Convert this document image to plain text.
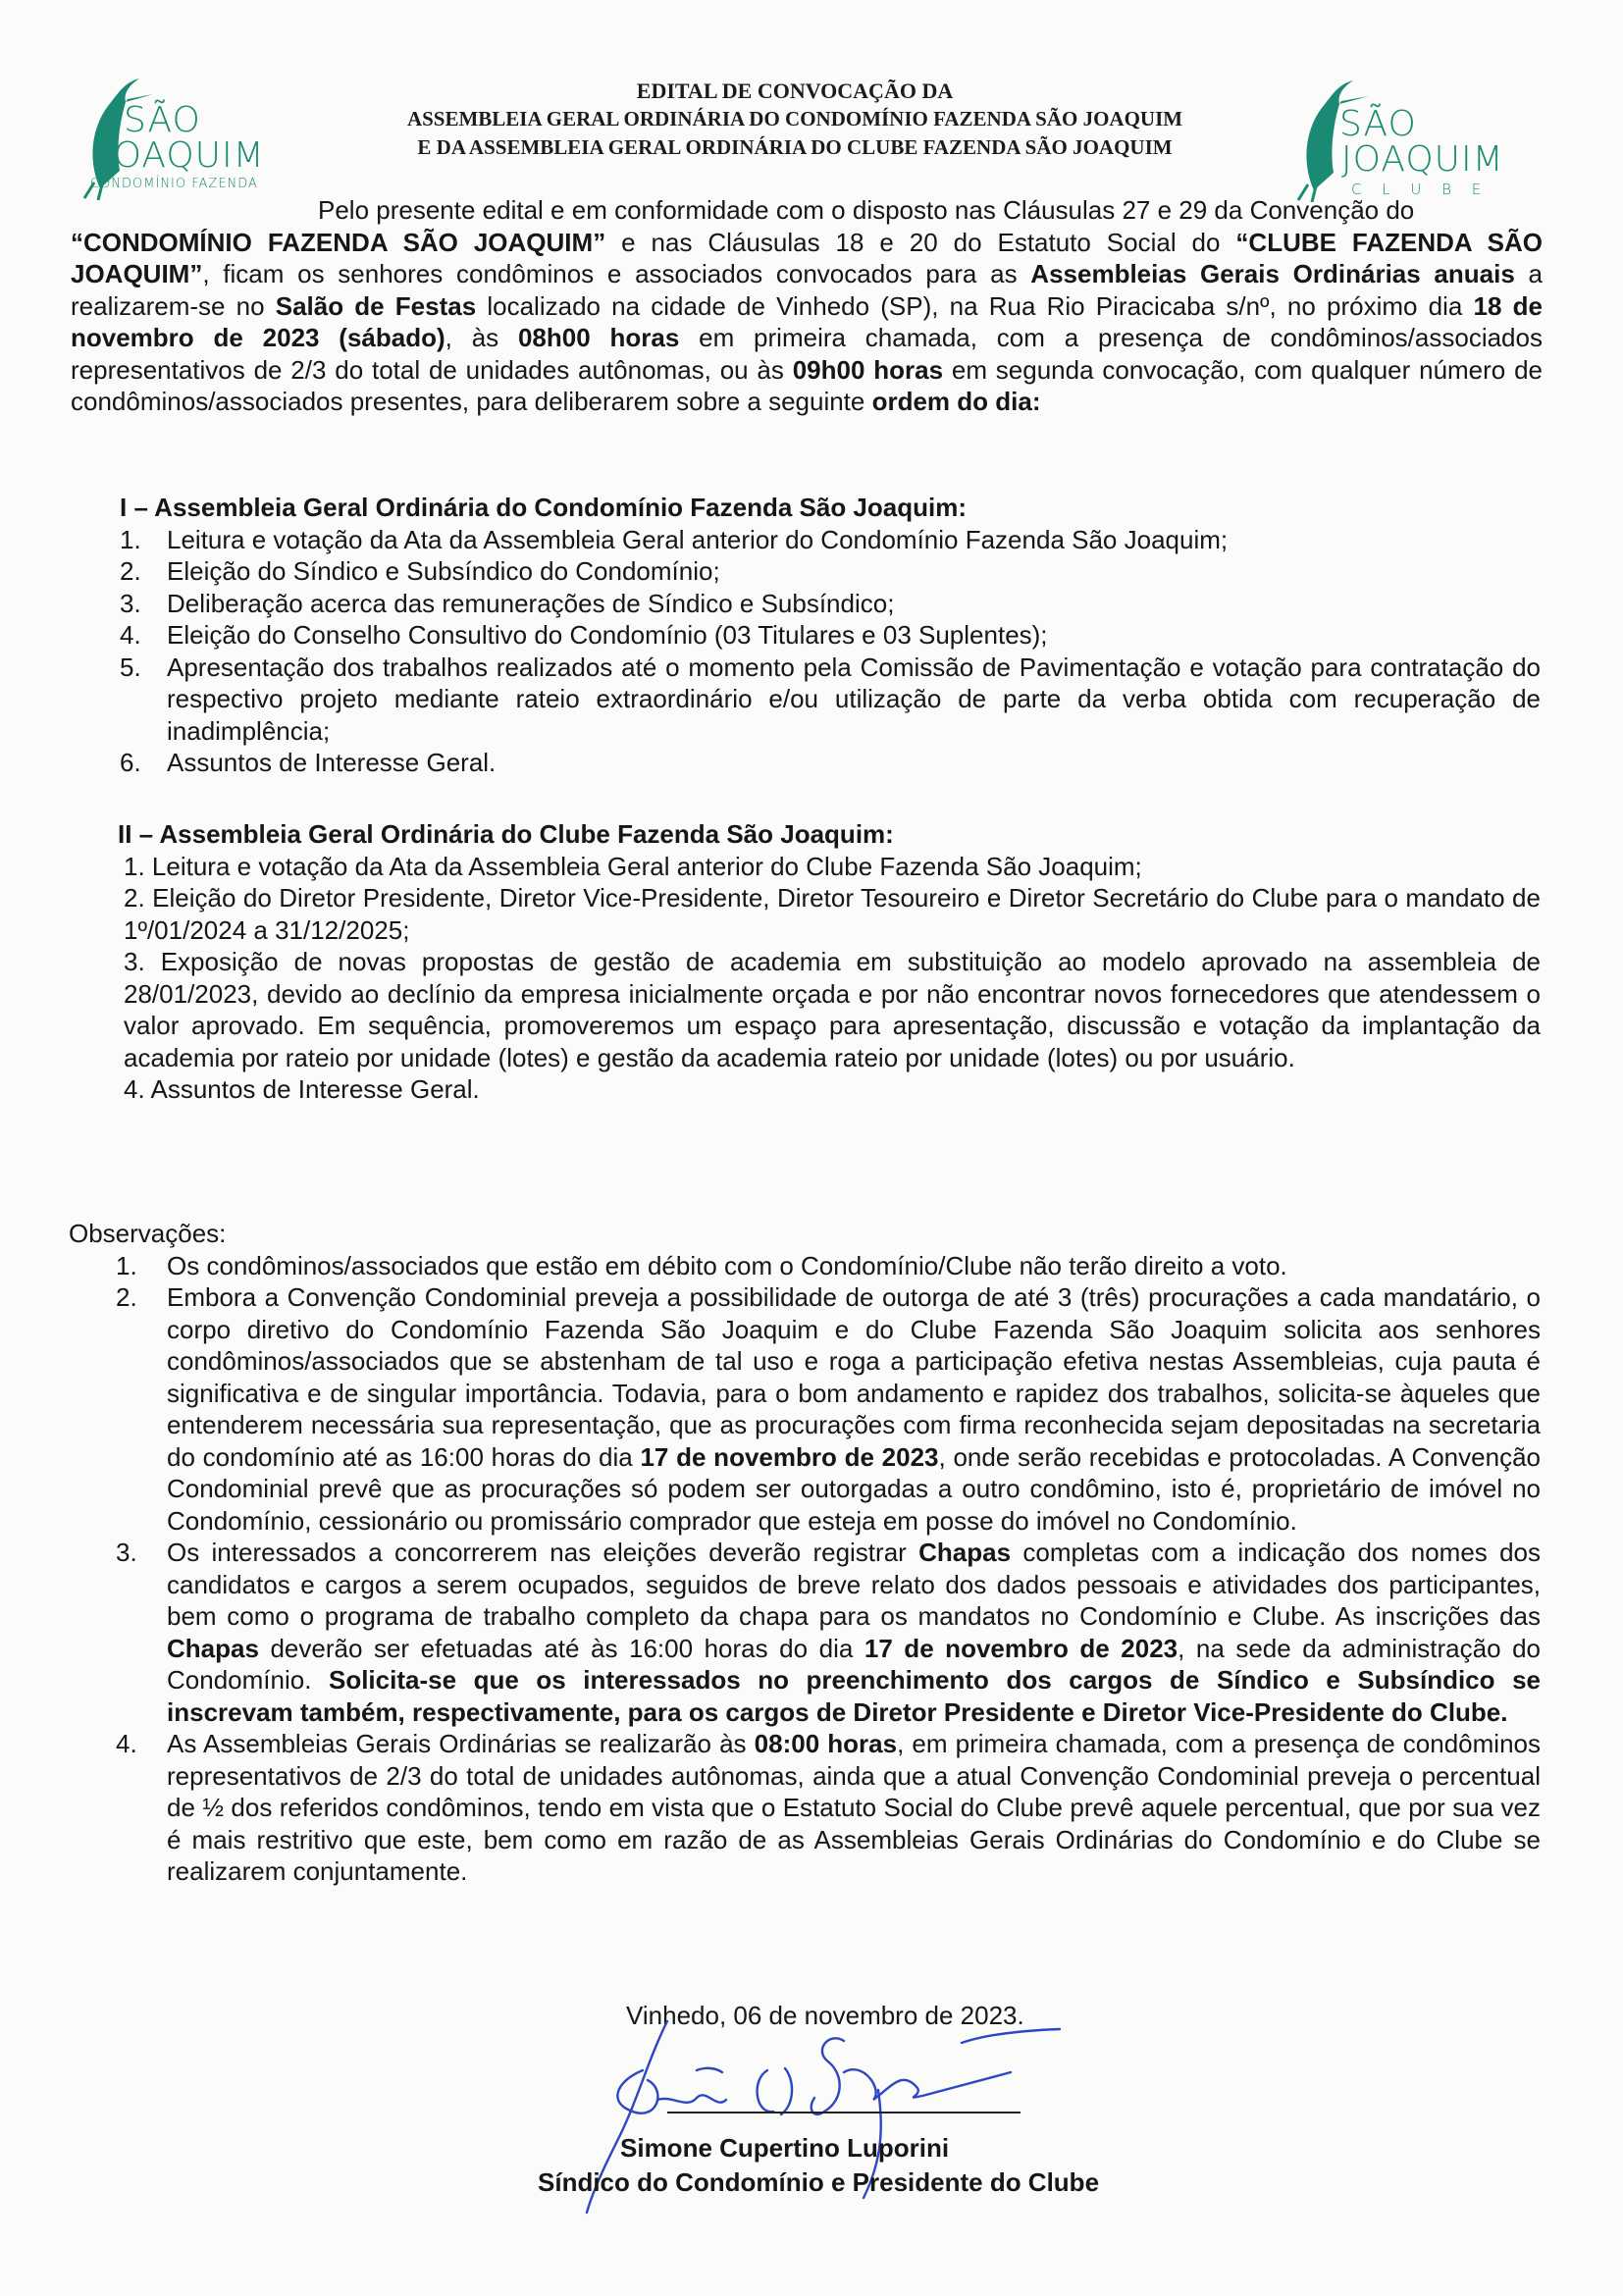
SÃO
JOAQUIM
CONDOMÍNIO FAZENDA
EDITAL DE CONVOCAÇÃO DA
ASSEMBLEIA GERAL ORDINÁRIA DO CONDOMÍNIO FAZENDA SÃO JOAQUIM
E DA ASSEMBLEIA GERAL ORDINÁRIA DO CLUBE FAZENDA SÃO JOAQUIM
SÃO
JOAQUIM
C L U B E
Pelo presente edital e em conformidade com o disposto nas Cláusulas 27 e 29 da Convenção do
“CONDOMÍNIO FAZENDA SÃO JOAQUIM” e nas Cláusulas 18 e 20 do Estatuto Social do “CLUBE FAZENDA SÃO JOAQUIM”, ficam os senhores condôminos e associados convocados para as Assembleias Gerais Ordinárias anuais a realizarem-se no Salão de Festas localizado na cidade de Vinhedo (SP), na Rua Rio Piracicaba s/nº, no próximo dia 18 de novembro de 2023 (sábado), às 08h00 horas em primeira chamada, com a presença de condôminos/associados representativos de 2/3 do total de unidades autônomas, ou às 09h00 horas em segunda convocação, com qualquer número de condôminos/associados presentes, para deliberarem sobre a seguinte ordem do dia:
I – Assembleia Geral Ordinária do Condomínio Fazenda São Joaquim:
1. Leitura e votação da Ata da Assembleia Geral anterior do Condomínio Fazenda São Joaquim;
2. Eleição do Síndico e Subsíndico do Condomínio;
3. Deliberação acerca das remunerações de Síndico e Subsíndico;
4. Eleição do Conselho Consultivo do Condomínio (03 Titulares e 03 Suplentes);
5. Apresentação dos trabalhos realizados até o momento pela Comissão de Pavimentação e votação para contratação do respectivo projeto mediante rateio extraordinário e/ou utilização de parte da verba obtida com recuperação de inadimplência;
6. Assuntos de Interesse Geral.
II – Assembleia Geral Ordinária do Clube Fazenda São Joaquim:
1. Leitura e votação da Ata da Assembleia Geral anterior do Clube Fazenda São Joaquim;
2. Eleição do Diretor Presidente, Diretor Vice-Presidente, Diretor Tesoureiro e Diretor Secretário do Clube para o mandato de 1º/01/2024 a 31/12/2025;
3. Exposição de novas propostas de gestão de academia em substituição ao modelo aprovado na assembleia de 28/01/2023, devido ao declínio da empresa inicialmente orçada e por não encontrar novos fornecedores que atendessem o valor aprovado. Em sequência, promoveremos um espaço para apresentação, discussão e votação da implantação da academia por rateio por unidade (lotes) e gestão da academia rateio por unidade (lotes) ou por usuário.
4. Assuntos de Interesse Geral.
Observações:
1. Os condôminos/associados que estão em débito com o Condomínio/Clube não terão direito a voto.
2. Embora a Convenção Condominial preveja a possibilidade de outorga de até 3 (três) procurações a cada mandatário, o corpo diretivo do Condomínio Fazenda São Joaquim e do Clube Fazenda São Joaquim solicita aos senhores condôminos/associados que se abstenham de tal uso e roga a participação efetiva nestas Assembleias, cuja pauta é significativa e de singular importância. Todavia, para o bom andamento e rapidez dos trabalhos, solicita-se àqueles que entenderem necessária sua representação, que as procurações com firma reconhecida sejam depositadas na secretaria do condomínio até as 16:00 horas do dia 17 de novembro de 2023, onde serão recebidas e protocoladas. A Convenção Condominial prevê que as procurações só podem ser outorgadas a outro condômino, isto é, proprietário de imóvel no Condomínio, cessionário ou promissário comprador que esteja em posse do imóvel no Condomínio.
3. Os interessados a concorrerem nas eleições deverão registrar Chapas completas com a indicação dos nomes dos candidatos e cargos a serem ocupados, seguidos de breve relato dos dados pessoais e atividades dos participantes, bem como o programa de trabalho completo da chapa para os mandatos no Condomínio e Clube. As inscrições das Chapas deverão ser efetuadas até às 16:00 horas do dia 17 de novembro de 2023, na sede da administração do Condomínio. Solicita-se que os interessados no preenchimento dos cargos de Síndico e Subsíndico se inscrevam também, respectivamente, para os cargos de Diretor Presidente e Diretor Vice-Presidente do Clube.
4. As Assembleias Gerais Ordinárias se realizarão às 08:00 horas, em primeira chamada, com a presença de condôminos representativos de 2/3 do total de unidades autônomas, ainda que a atual Convenção Condominial preveja o percentual de ½ dos referidos condôminos, tendo em vista que o Estatuto Social do Clube prevê aquele percentual, que por sua vez é mais restritivo que este, bem como em razão de as Assembleias Gerais Ordinárias do Condomínio e do Clube se realizarem conjuntamente.
Vinhedo, 06 de novembro de 2023.
Simone Cupertino Luporini
Síndico do Condomínio e Presidente do Clube
